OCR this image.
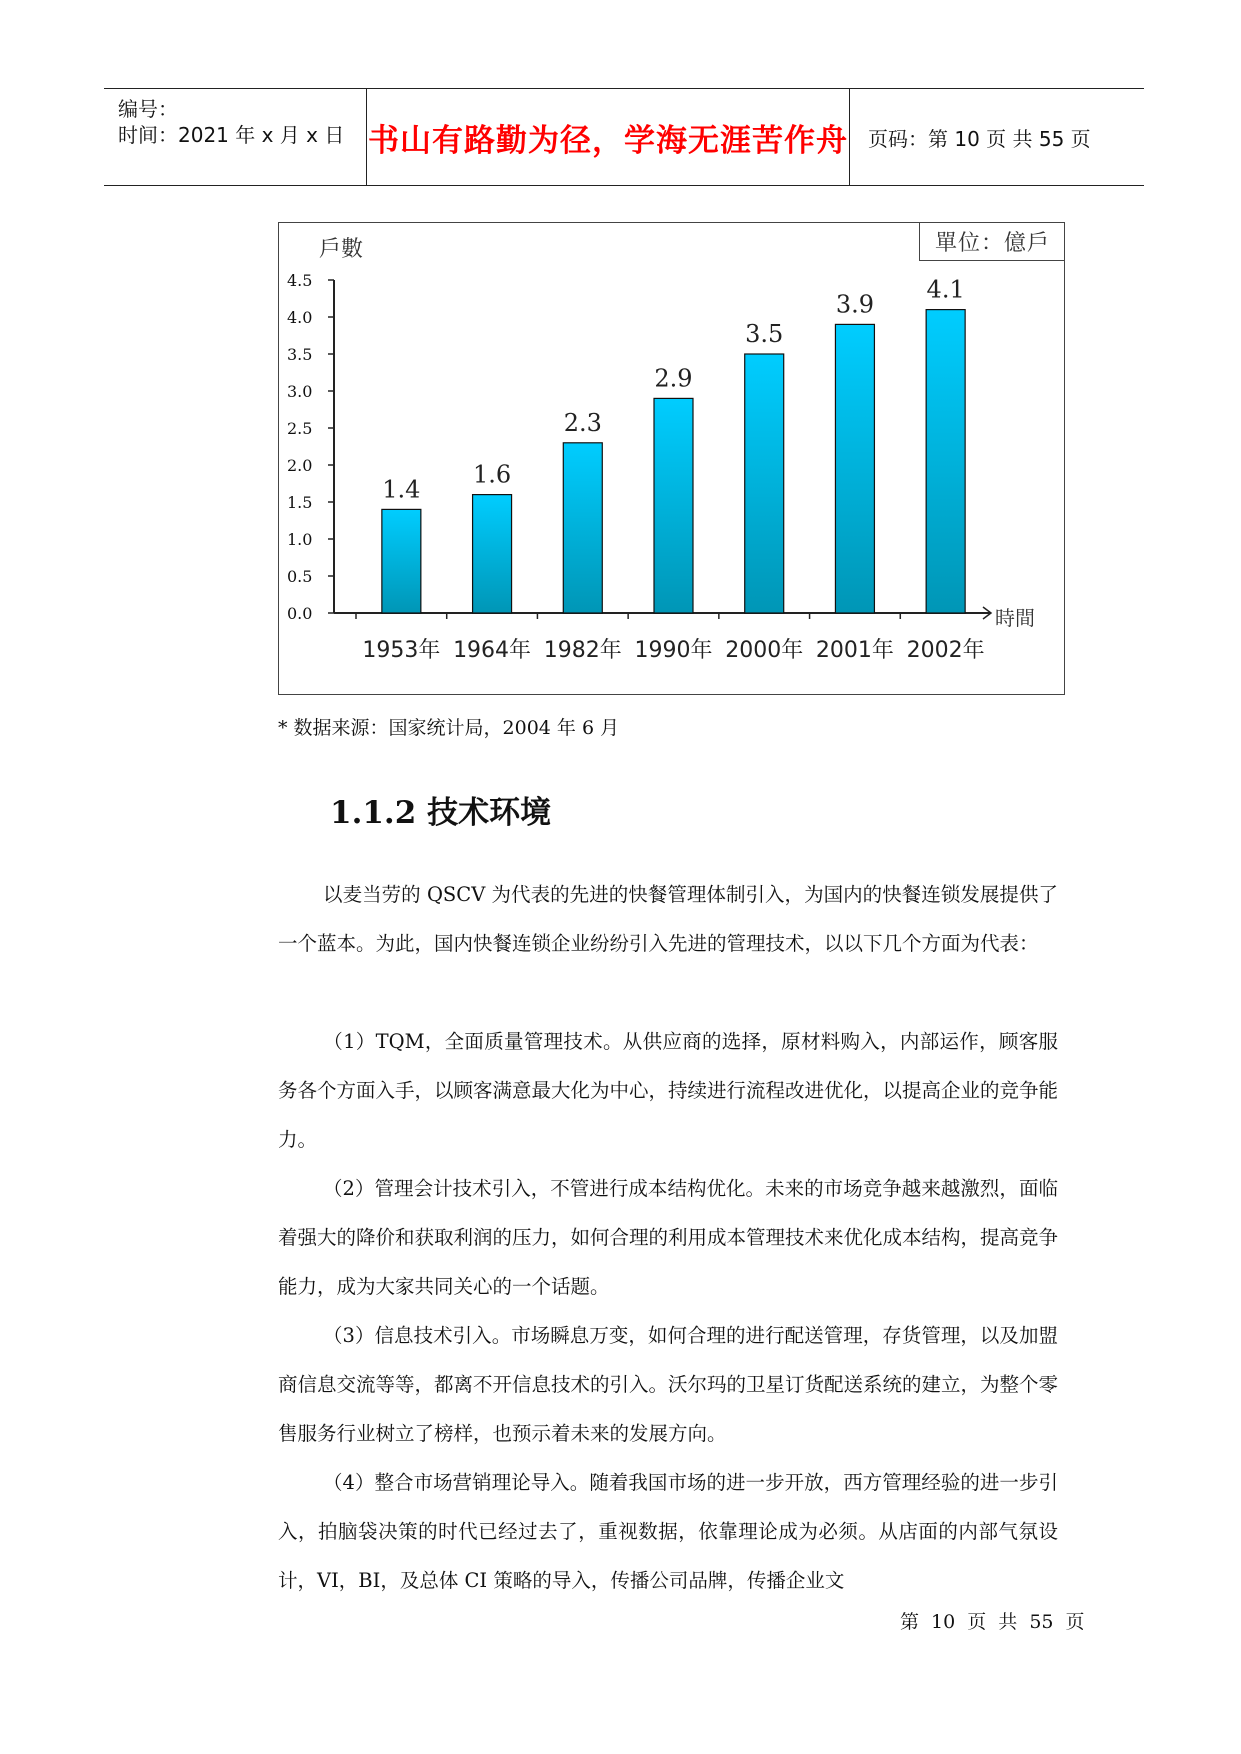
编号：
时间：2021 年 x 月 x 日 书山有路勤为径，学海无涯苦作舟	页码：第 10 页 共 55 页
單位：億戶
戶數
時間
0.0
0.5
1.0
1.5
2.0
2.5
3.0
3.5
4.0
4.5
1.4
1953年
1.6
1964年
2.3
1982年
2.9
1990年
3.5
2000年
3.9
2001年
4.1
2002年
* 数据来源：国家统计局，2004 年 6 月
1.1.2 技术环境
以麦当劳的 QSCV 为代表的先进的快餐管理体制引入，为国内的快餐连锁发展提供了一个蓝本。为此，国内快餐连锁企业纷纷引入先进的管理技术，以以下几个方面为代表：
（1）TQM，全面质量管理技术。从供应商的选择，原材料购入，内部运作，顾客服务各个方面入手，以顾客满意最大化为中心，持续进行流程改进优化，以提高企业的竞争能力。
（2）管理会计技术引入，不管进行成本结构优化。未来的市场竞争越来越激烈，面临着强大的降价和获取利润的压力，如何合理的利用成本管理技术来优化成本结构，提高竞争能力，成为大家共同关心的一个话题。
（3）信息技术引入。市场瞬息万变，如何合理的进行配送管理，存货管理，以及加盟商信息交流等等，都离不开信息技术的引入。沃尔玛的卫星订货配送系统的建立，为整个零售服务行业树立了榜样，也预示着未来的发展方向。
（4）整合市场营销理论导入。随着我国市场的进一步开放，西方管理经验的进一步引入，拍脑袋决策的时代已经过去了，重视数据，依靠理论成为必须。从店面的内部气氛设计，VI，BI，及总体 CI 策略的导入，传播公司品牌，传播企业文
第 10 页 共 55 页
